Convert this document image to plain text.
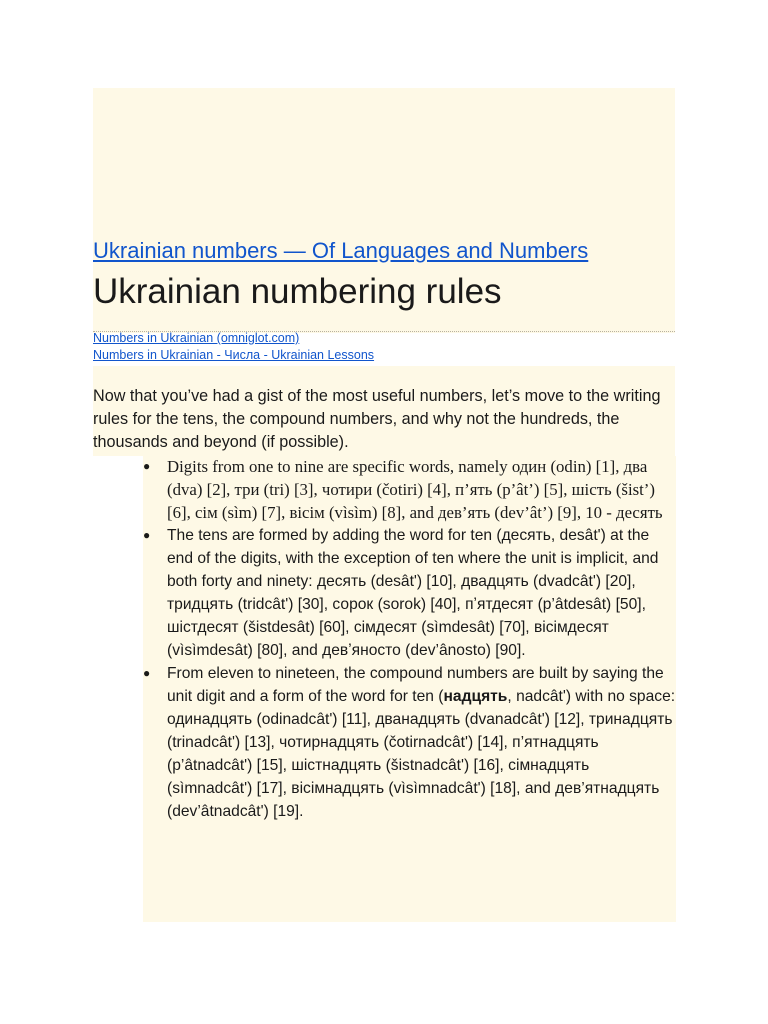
Ukrainian numbers — Of Languages and Numbers
Ukrainian numbering rules
Numbers in Ukrainian (omniglot.com)
Numbers in Ukrainian - Числа - Ukrainian Lessons
Now that you’ve had a gist of the most useful numbers, let’s move to the writing rules for the tens, the compound numbers, and why not the hundreds, the thousands and beyond (if possible).
● Digits from one to nine are specific words, namely один (odin) [1], два (dva) [2], три (tri) [3], чотири (čotiri) [4], п’ять (p’ât’) [5], шість (šist’) [6], сім (sìm) [7], вісім (vìsìm) [8], and дев’ять (dev’ât’) [9], 10 - десять
● The tens are formed by adding the word for ten (десять, desât') at the end of the digits, with the exception of ten where the unit is implicit, and both forty and ninety: десять (desât') [10], двадцять (dvadcât') [20], тридцять (tridcât') [30], сорок (sorok) [40], пʼятдесят (p’âtdesât) [50], шістдесят (šistdesât) [60], сімдесят (sìmdesât) [70], вісімдесят (vìsìmdesât) [80], and девʼяносто (dev’ânosto) [90].
● From eleven to nineteen, the compound numbers are built by saying the unit digit and a form of the word for ten (надцять, nadcât') with no space: одинадцять (odinadcât') [11], дванадцять (dvanadcât') [12], тринадцять (trinadcât') [13], чотирнадцять (čotirnadcât') [14], п’ятнадцять (p’âtnadcât') [15], шістнадцять (šistnadcât') [16], сімнадцять (sìmnadcât') [17], вісімнадцять (vìsìmnadcât') [18], and дев’ятнадцять (dev’âtnadcât') [19].
